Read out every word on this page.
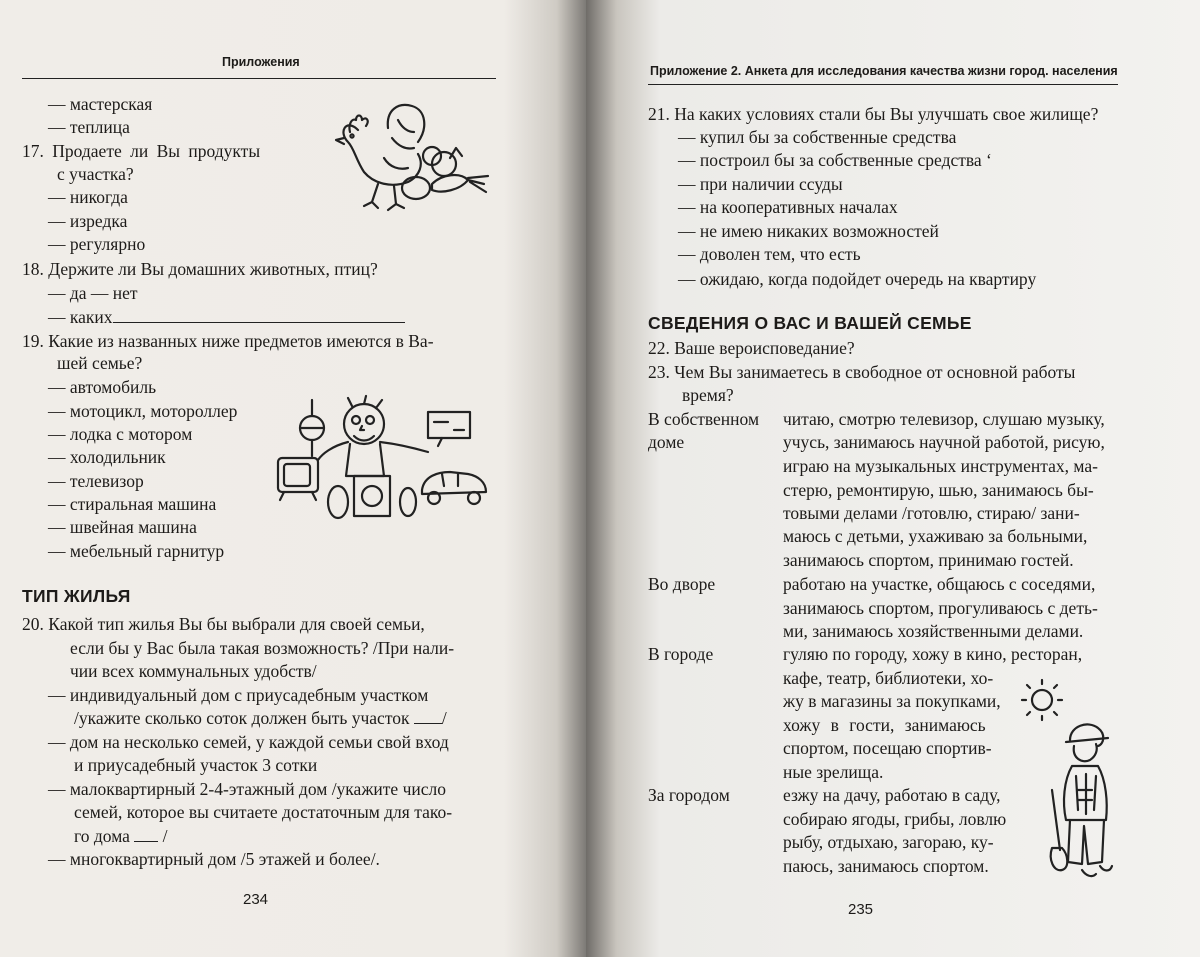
Приложения
— мастерская
— теплица
17. Продаете ли Вы продукты
с участка?
— никогда
— изредка
— регулярно
18. Держите ли Вы домашних животных, птиц?
— да — нет
— каких
19. Какие из названных ниже предметов имеются в Ва-
шей семье?
— автомобиль
— мотоцикл, мотороллер
— лодка с мотором
— холодильник
— телевизор
— стиральная машина
— швейная машина
— мебельный гарнитур
ТИП ЖИЛЬЯ
20. Какой тип жилья Вы бы выбрали для своей семьи,
если бы у Вас была такая возможность? /При нали-
чии всех коммунальных удобств/
— индивидуальный дом с приусадебным участком
/укажите сколько соток должен быть участок /
— дом на несколько семей, у каждой семьи свой вход
и приусадебный участок 3 сотки
— малоквартирный 2-4-этажный дом /укажите число
семей, которое вы считаете достаточным для тако-
го дома /
— многоквартирный дом /5 этажей и более/.
234
Приложение 2. Анкета для исследования качества жизни город. населения
21. На каких условиях стали бы Вы улучшать свое жилище?
— купил бы за собственные средства
— построил бы за собственные средства ‘
— при наличии ссуды
— на кооперативных началах
— не имею никаких возможностей
— доволен тем, что есть
— ожидаю, когда подойдет очередь на квартиру
СВЕДЕНИЯ О ВАС И ВАШЕЙ СЕМЬЕ
22. Ваше вероисповедание?
23. Чем Вы занимаетесь в свободное от основной работы
время?
В собственном
доме
читаю, смотрю телевизор, слушаю музыку,
учусь, занимаюсь научной работой, рисую,
играю на музыкальных инструментах, ма-
стерю, ремонтирую, шью, занимаюсь бы-
товыми делами /готовлю, стираю/ зани-
маюсь с детьми, ухаживаю за больными,
занимаюсь спортом, принимаю гостей.
Во дворе	работаю на участке, общаюсь с соседями,
занимаюсь спортом, прогуливаюсь с деть-
ми, занимаюсь хозяйственными делами.
В городе	гуляю по городу, хожу в кино, ресторан,
кафе, театр, библиотеки, хо-
жу в магазины за покупками,
хожу в гости, занимаюсь
спортом, посещаю спортив-
ные зрелища.
За городом	езжу на дачу, работаю в саду,
собираю ягоды, грибы, ловлю
рыбу, отдыхаю, загораю, ку-
паюсь, занимаюсь спортом.
235
